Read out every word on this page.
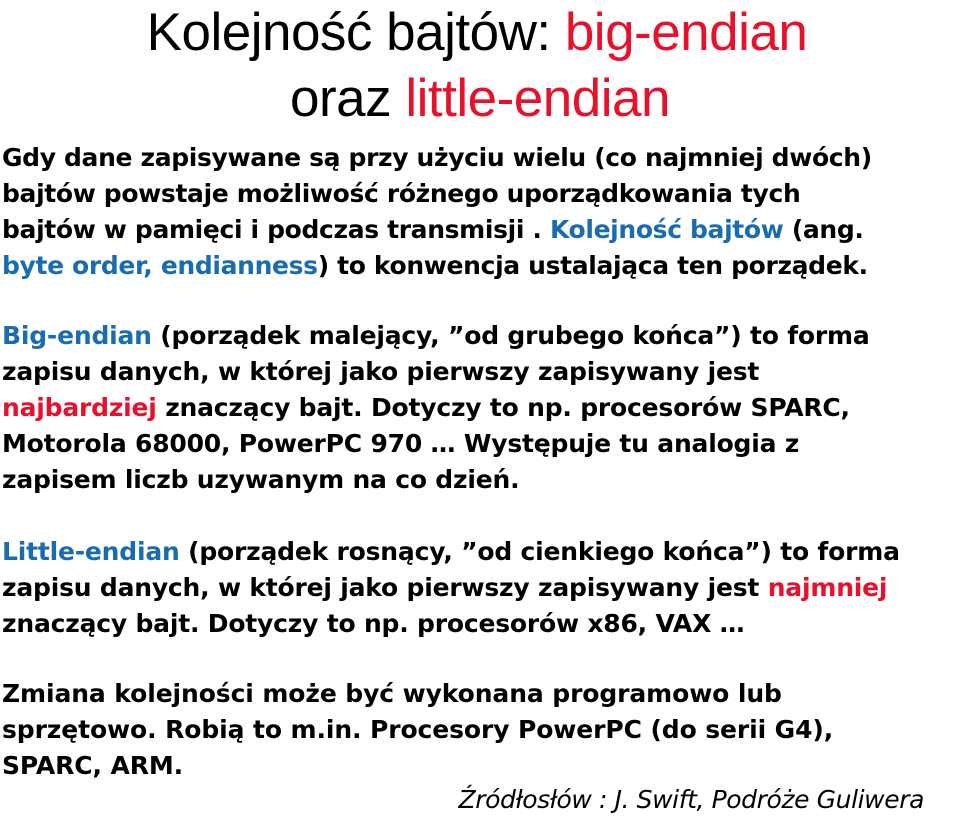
Kolejność bajtów: big-endian
oraz little-endian
Gdy dane zapisywane są przy użyciu wielu (co najmniej dwóch)
bajtów powstaje możliwość różnego uporządkowania tych
bajtów w pamięci i podczas transmisji . Kolejność bajtów (ang.
byte order, endianness) to konwencja ustalająca ten porządek.
Big-endian (porządek malejący, ”od grubego końca”) to forma
zapisu danych, w której jako pierwszy zapisywany jest
najbardziej znaczący bajt. Dotyczy to np. procesorów SPARC,
Motorola 68000, PowerPC 970 … Występuje tu analogia z
zapisem liczb uzywanym na co dzień.
Little-endian (porządek rosnący, ”od cienkiego końca”) to forma
zapisu danych, w której jako pierwszy zapisywany jest najmniej
znaczący bajt. Dotyczy to np. procesorów x86, VAX …
Zmiana kolejności może być wykonana programowo lub
sprzętowo. Robią to m.in. Procesory PowerPC (do serii G4),
SPARC, ARM.
Źródłosłów : J. Swift, Podróże Guliwera
